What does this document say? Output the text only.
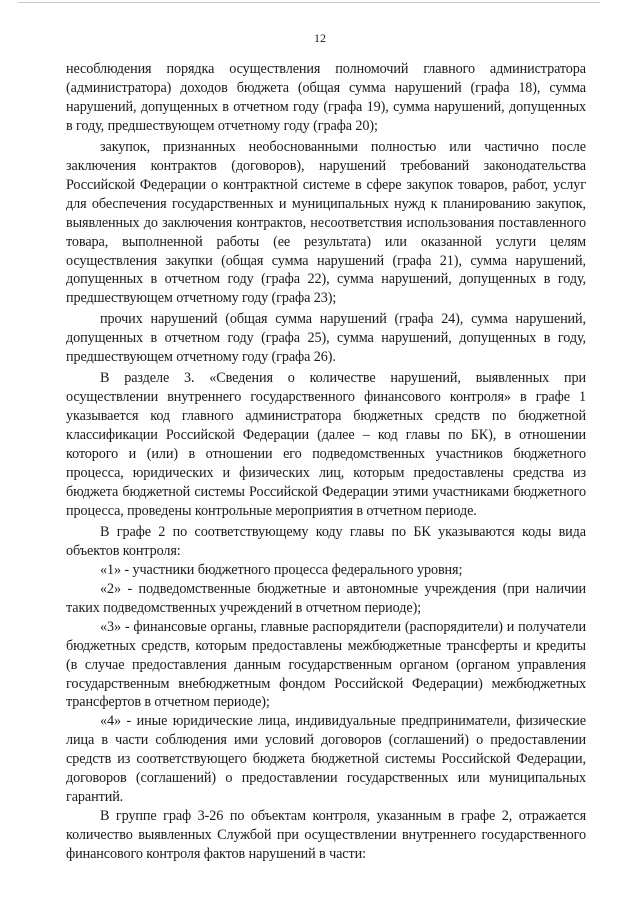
12

несоблюдения порядка осуществления полномочий главного администратора (администратора) доходов бюджета (общая сумма нарушений (графа 18), сумма нарушений, допущенных в отчетном году (графа 19), сумма нарушений, допущенных в году, предшествующем отчетному году (графа 20);

закупок, признанных необоснованными полностью или частично после заключения контрактов (договоров), нарушений требований законодательства Российской Федерации о контрактной системе в сфере закупок товаров, работ, услуг для обеспечения государственных и муниципальных нужд к планированию закупок, выявленных до заключения контрактов, несоответствия использования поставленного товара, выполненной работы (ее результата) или оказанной услуги целям осуществления закупки (общая сумма нарушений (графа 21), сумма нарушений, допущенных в отчетном году (графа 22), сумма нарушений, допущенных в году, предшествующем отчетному году (графа 23);

прочих нарушений (общая сумма нарушений (графа 24), сумма нарушений, допущенных в отчетном году (графа 25), сумма нарушений, допущенных в году, предшествующем отчетному году (графа 26).

В разделе 3. «Сведения о количестве нарушений, выявленных при осуществлении внутреннего государственного финансового контроля» в графе 1 указывается код главного администратора бюджетных средств по бюджетной классификации Российской Федерации (далее – код главы по БК), в отношении которого и (или) в отношении его подведомственных участников бюджетного процесса, юридических и физических лиц, которым предоставлены средства из бюджета бюджетной системы Российской Федерации этими участниками бюджетного процесса, проведены контрольные мероприятия в отчетном периоде.

В графе 2 по соответствующему коду главы по БК указываются коды вида объектов контроля:

«1» - участники бюджетного процесса федерального уровня;

«2» - подведомственные бюджетные и автономные учреждения (при наличии таких подведомственных учреждений в отчетном периоде);

«3» - финансовые органы, главные распорядители (распорядители) и получатели бюджетных средств, которым предоставлены межбюджетные трансферты и кредиты (в случае предоставления данным государственным органом (органом управления государственным внебюджетным фондом Российской Федерации) межбюджетных трансфертов в отчетном периоде);

«4» - иные юридические лица, индивидуальные предприниматели, физические лица в части соблюдения ими условий договоров (соглашений) о предоставлении средств из соответствующего бюджета бюджетной системы Российской Федерации, договоров (соглашений) о предоставлении государственных или муниципальных гарантий.

В группе граф 3-26 по объектам контроля, указанным в графе 2, отражается количество выявленных Службой при осуществлении внутреннего государственного финансового контроля фактов нарушений в части:
